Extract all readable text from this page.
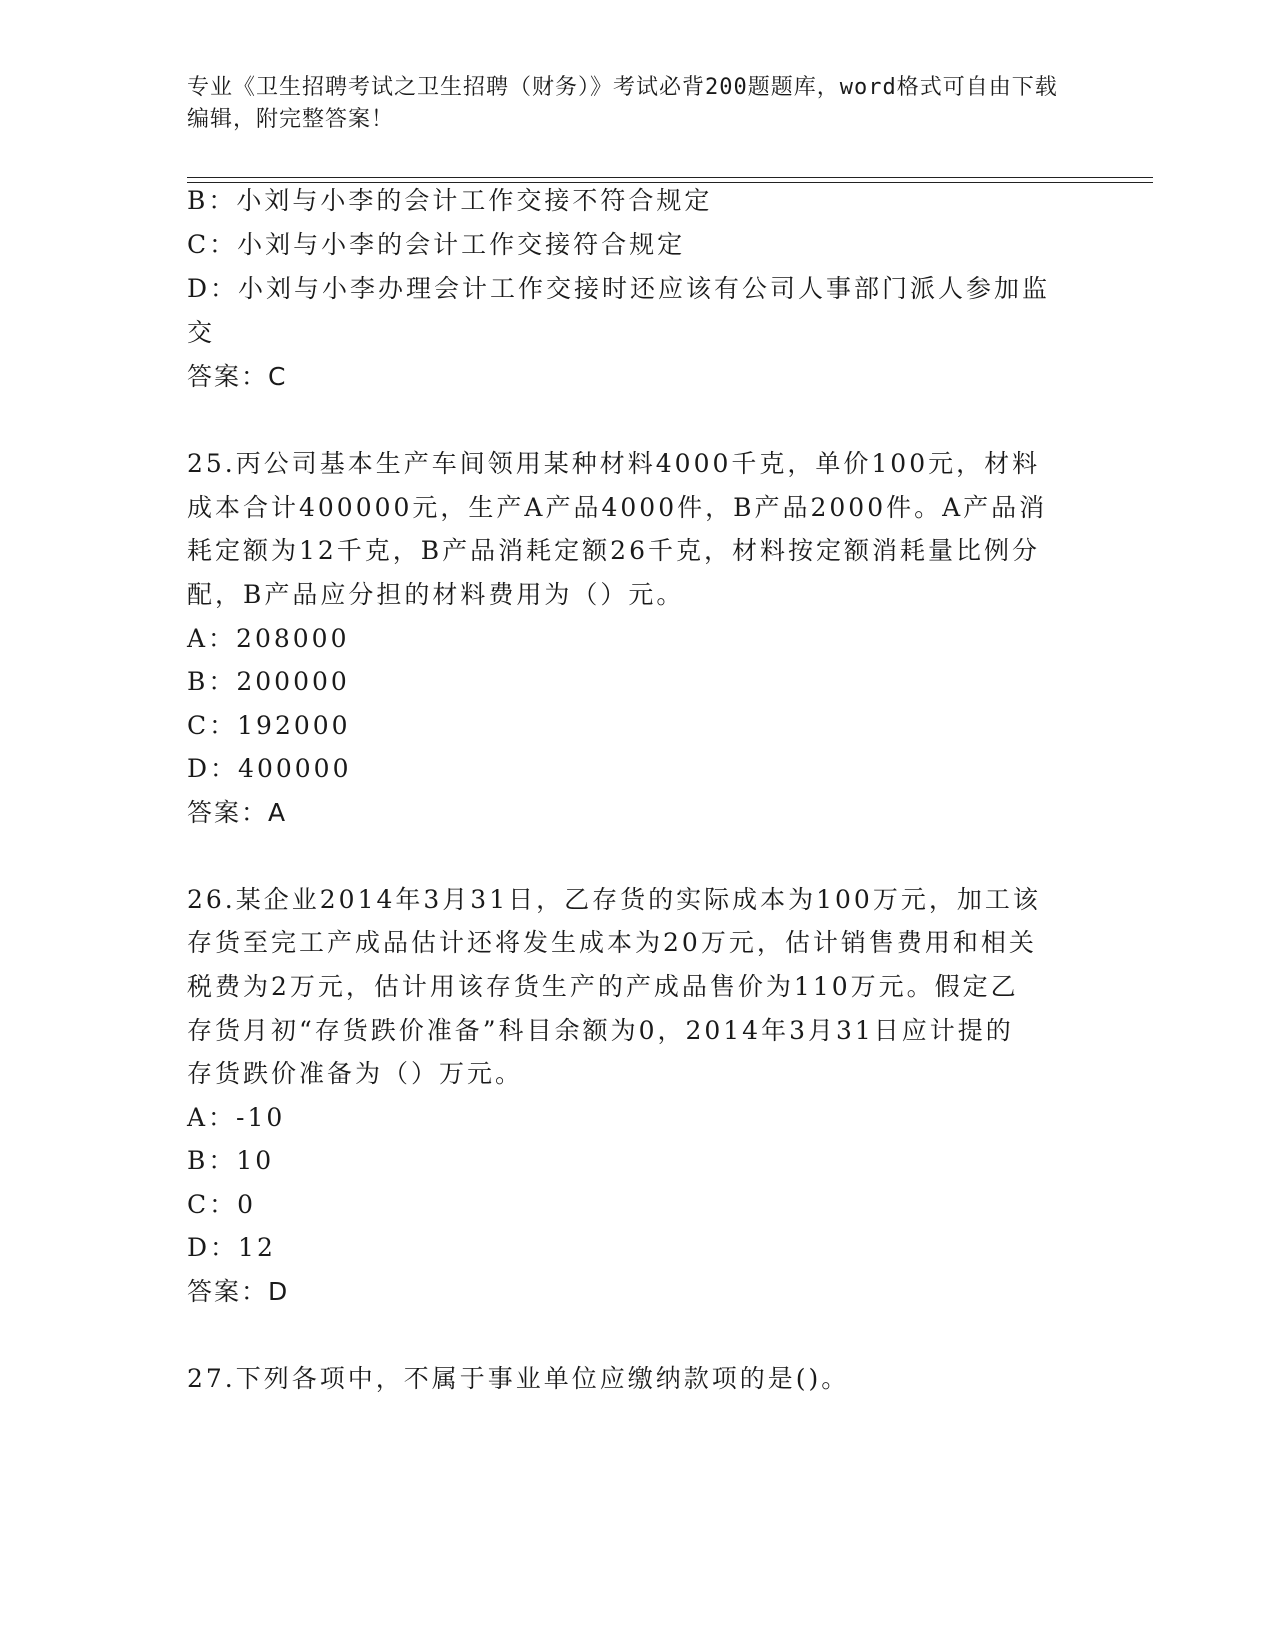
专业《卫生招聘考试之卫生招聘（财务）》考试必背200题题库，word格式可自由下载编辑，附完整答案！
B：小刘与小李的会计工作交接不符合规定
C：小刘与小李的会计工作交接符合规定
D：小刘与小李办理会计工作交接时还应该有公司人事部门派人参加监
交
答案：C
25.丙公司基本生产车间领用某种材料4000千克，单价100元，材料
成本合计400000元，生产A产品4000件，B产品2000件。A产品消
耗定额为12千克，B产品消耗定额26千克，材料按定额消耗量比例分
配，B产品应分担的材料费用为（）元。
A：208000
B：200000
C：192000
D：400000
答案：A
26.某企业2014年3月31日，乙存货的实际成本为100万元，加工该
存货至完工产成品估计还将发生成本为20万元，估计销售费用和相关
税费为2万元，估计用该存货生产的产成品售价为110万元。假定乙
存货月初“存货跌价准备”科目余额为0，2014年3月31日应计提的
存货跌价准备为（）万元。
A：-10
B：10
C：0
D：12
答案：D
27.下列各项中，不属于事业单位应缴纳款项的是()。
